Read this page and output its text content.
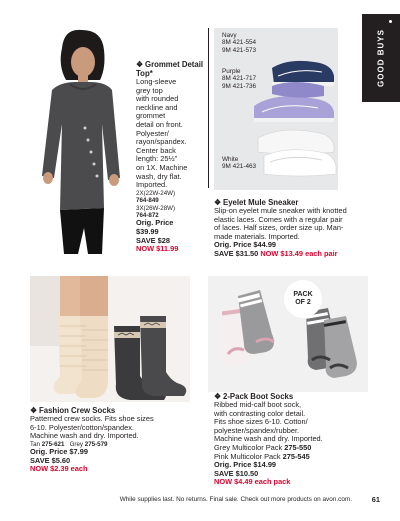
GOOD BUYS
❖ Grommet Detail Top*
Long-sleeve
grey top
with rounded
neckline and
grommet
detail on front.
Polyester/
rayon/spandex.
Center back
length: 25½"
on 1X. Machine
wash, dry flat.
Imported.
2X(22W-24W)
764-849
3X(26W-28W)
764-872
Orig. Price
$39.99
SAVE $28
NOW $11.99
Navy
8M 421-554
9M 421-573
Purple
8M 421-717
9M 421-736
White
9M 421-463
❖ Eyelet Mule Sneaker
Slip-on eyelet mule sneaker with knotted
elastic laces. Comes with a regular pair
of laces. Half sizes, order size up. Man-
made materials. Imported.
Orig. Price $44.99
SAVE $31.50 NOW $13.49 each pair
❖ Fashion Crew Socks
Patterned crew socks. Fits shoe sizes
6-10. Polyester/cotton/spandex.
Machine wash and dry. Imported.
Tan 275-621 Grey 275-579
Orig. Price $7.99
SAVE $5.60
NOW $2.39 each
PACK
OF 2
❖ 2-Pack Boot Socks
Ribbed mid-calf boot sock,
with contrasting color detail.
Fits shoe sizes 6-10. Cotton/
polyester/spandex/rubber.
Machine wash and dry. Imported.
Grey Multicolor Pack 275-550
Pink Multicolor Pack 275-545
Orig. Price $14.99
SAVE $10.50
NOW $4.49 each pack
While supplies last. No returns. Final sale. Check out more products on avon.com.	61
